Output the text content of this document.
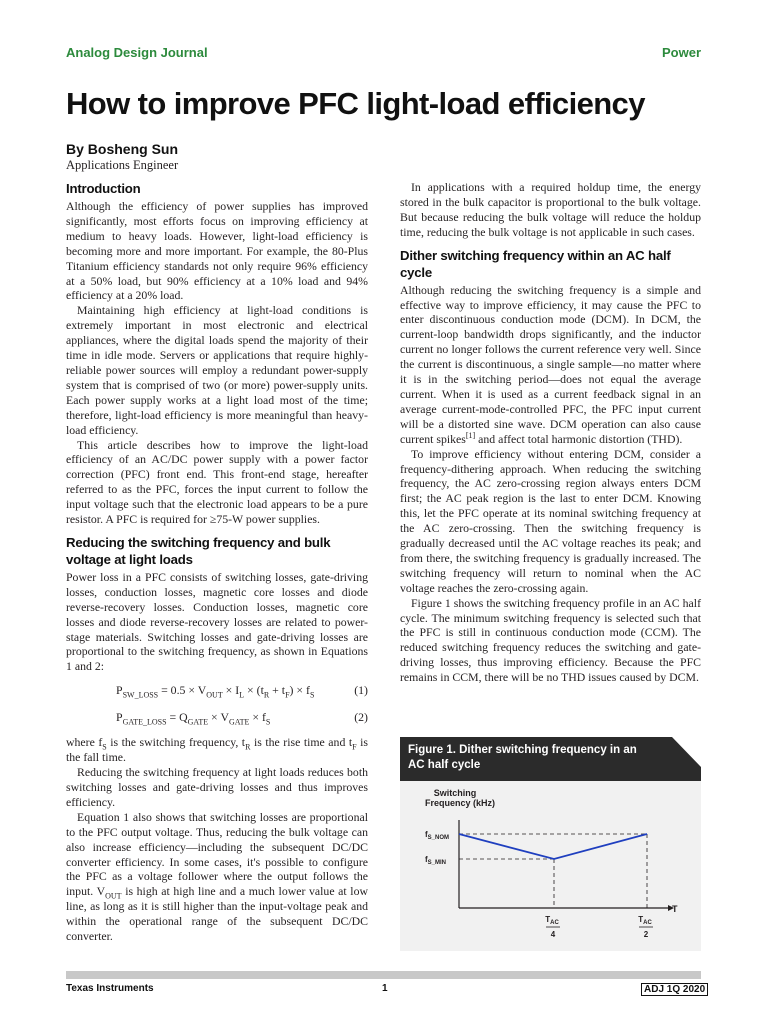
Analog Design Journal	Power
How to improve PFC light-load efficiency
By Bosheng Sun
Applications Engineer
Introduction

Although the efficiency of power supplies has improved significantly, most efforts focus on improving efficiency at medium to heavy loads. However, light-load efficiency is becoming more and more important. For example, the 80-Plus Titanium efficiency standards not only require 96% efficiency at a 50% load, but 90% efficiency at a 10% load and 94% efficiency at a 20% load.

Maintaining high efficiency at light-load conditions is extremely important in most electronic and electrical appliances, where the digital loads spend the majority of their time in idle mode. Servers or applications that require highly-reliable power sources will employ a redundant power-supply system that is comprised of two (or more) power-supply units. Each power supply works at a light load most of the time; therefore, light-load efficiency is more meaningful than heavy-load efficiency.

This article describes how to improve the light-load efficiency of an AC/DC power supply with a power factor correction (PFC) front end. This front-end stage, hereafter referred to as the PFC, forces the input current to follow the input voltage such that the electronic load appears to be a pure resistor. A PFC is required for ≥75-W power supplies.

Reducing the switching frequency and bulk voltage at light loads

Power loss in a PFC consists of switching losses, gate-driving losses, conduction losses, magnetic core losses and diode reverse-recovery losses. Conduction losses, magnetic core losses and diode reverse-recovery losses are related to power-stage materials. Switching losses and gate-driving losses are proportional to the switching frequency, as shown in Equations 1 and 2:

$P_{SW\_LOSS} = 0.5 \times V_{OUT} \times I_L \times (t_R + t_F) \times f_S$	(1)
$P_{GATE\_LOSS} = Q_{GATE} \times V_{GATE} \times f_S$	(2)

where $f_S$ is the switching frequency, $t_R$ is the rise time and $t_F$ is the fall time.

Reducing the switching frequency at light loads reduces both switching losses and gate-driving losses and thus improves efficiency.

Equation 1 also shows that switching losses are proportional to the PFC output voltage. Thus, reducing the bulk voltage can also increase efficiency—including the subsequent DC/DC converter efficiency. In some cases, it's possible to configure the PFC as a voltage follower where the output follows the input. $V_{OUT}$ is high at high line and a much lower value at low line, as long as it is still higher than the input-voltage peak and within the operational range of the subsequent DC/DC converter.

In applications with a required holdup time, the energy stored in the bulk capacitor is proportional to the bulk voltage. But because reducing the bulk voltage will reduce the holdup time, reducing the bulk voltage is not applicable in such cases.

Dither switching frequency within an AC half cycle

Although reducing the switching frequency is a simple and effective way to improve efficiency, it may cause the PFC to enter discontinuous conduction mode (DCM). In DCM, the current-loop bandwidth drops significantly, and the inductor current no longer follows the current reference very well. Since the current is discontinuous, a single sample—no matter where it is in the switching period—does not equal the average current. When it is used as a current feedback signal in an average current-mode-controlled PFC, the PFC input current will be a distorted sine wave. DCM operation can also cause current spikes[1] and affect total harmonic distortion (THD).

To improve efficiency without entering DCM, consider a frequency-dithering approach. When reducing the switching frequency, the AC zero-crossing region always enters DCM first; the AC peak region is the last to enter DCM. Knowing this, let the PFC operate at its nominal switching frequency at the AC zero-crossing. Then the switching frequency is gradually decreased until the AC voltage reaches its peak; and from there, the switching frequency is gradually increased. The switching frequency will return to nominal when the AC voltage reaches the zero-crossing again.

Figure 1 shows the switching frequency profile in an AC half cycle. The minimum switching frequency is selected such that the PFC is still in continuous conduction mode (CCM). The reduced switching frequency reduces the switching and gate-driving losses, thus improving efficiency. Because the PFC remains in CCM, there will be no THD issues caused by DCM.

Figure 1. Dither switching frequency in an
AC half cycle
Switching
Frequency (kHz)
T
$f_{S\_NOM}$
$f_{S\_MIN}$
$T_{AC}$
4
$T_{AC}$
2
Texas Instruments	1	ADJ 1Q 2020
